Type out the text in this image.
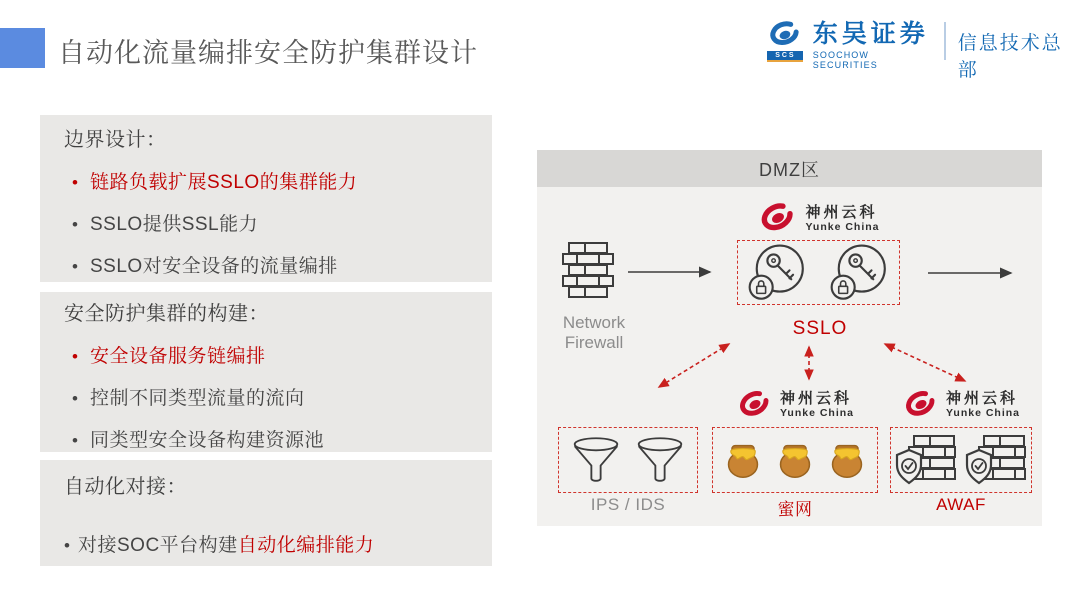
自动化流量编排安全防护集群设计	SCS
东吴证券
SOOCHOW SECURITIES
信息技术总部
边界设计：
•
链路负载扩展SSLO的集群能力
•
SSLO提供SSL能力
•
SSLO对安全设备的流量编排
安全防护集群的构建：
•
安全设备服务链编排
•
控制不同类型流量的流向
•
同类型安全设备构建资源池
自动化对接：
•
对接SOC平台构建自动化编排能力
DMZ区
Network Firewall
神州云科
Yunke China
SSLO
神州云科
Yunke China
神州云科
Yunke China
IPS / IDS	蜜网	AWAF
